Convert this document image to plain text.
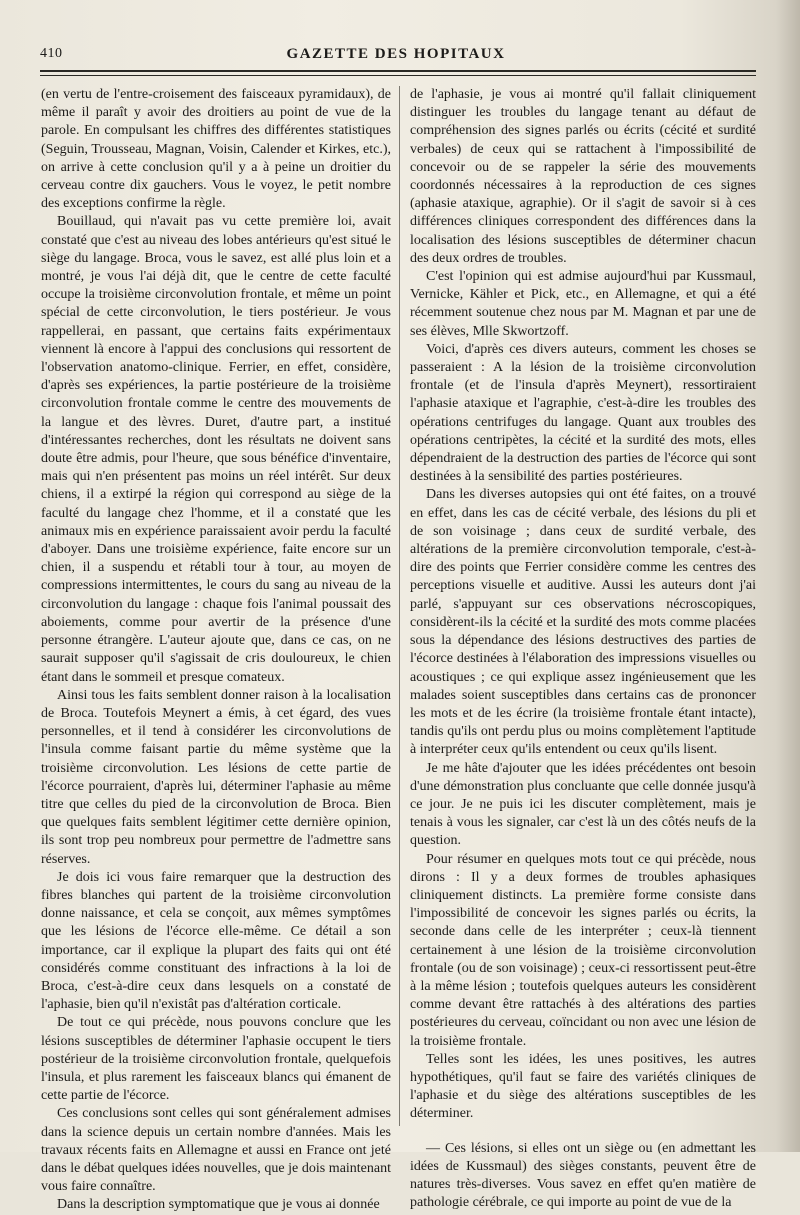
410	GAZETTE DES HOPITAUX

(en vertu de l'entre-croisement des faisceaux pyramidaux), de même il paraît y avoir des droitiers au point de vue de la parole. En compulsant les chiffres des différentes statistiques (Seguin, Trousseau, Magnan, Voisin, Calender et Kirkes, etc.), on arrive à cette conclusion qu'il y a à peine un droitier du cerveau contre dix gauchers. Vous le voyez, le petit nombre des exceptions confirme la règle.

Bouillaud, qui n'avait pas vu cette première loi, avait constaté que c'est au niveau des lobes antérieurs qu'est situé le siège du langage. Broca, vous le savez, est allé plus loin et a montré, je vous l'ai déjà dit, que le centre de cette faculté occupe la troisième circonvolution frontale, et même un point spécial de cette circonvolution, le tiers postérieur. Je vous rappellerai, en passant, que certains faits expérimentaux viennent là encore à l'appui des conclusions qui ressortent de l'observation anatomo-clinique. Ferrier, en effet, considère, d'après ses expériences, la partie postérieure de la troisième circonvolution frontale comme le centre des mouvements de la langue et des lèvres. Duret, d'autre part, a institué d'intéressantes recherches, dont les résultats ne doivent sans doute être admis, pour l'heure, que sous bénéfice d'inventaire, mais qui n'en présentent pas moins un réel intérêt. Sur deux chiens, il a extirpé la région qui correspond au siège de la faculté du langage chez l'homme, et il a constaté que les animaux mis en expérience paraissaient avoir perdu la faculté d'aboyer. Dans une troisième expérience, faite encore sur un chien, il a suspendu et rétabli tour à tour, au moyen de compressions intermittentes, le cours du sang au niveau de la circonvolution du langage : chaque fois l'animal poussait des aboiements, comme pour avertir de la présence d'une personne étrangère. L'auteur ajoute que, dans ce cas, on ne saurait supposer qu'il s'agissait de cris douloureux, le chien étant dans le sommeil et presque comateux.

Ainsi tous les faits semblent donner raison à la localisation de Broca. Toutefois Meynert a émis, à cet égard, des vues personnelles, et il tend à considérer les circonvolutions de l'insula comme faisant partie du même système que la troisième circonvolution. Les lésions de cette partie de l'écorce pourraient, d'après lui, déterminer l'aphasie au même titre que celles du pied de la circonvolution de Broca. Bien que quelques faits semblent légitimer cette dernière opinion, ils sont trop peu nombreux pour permettre de l'admettre sans réserves.

Je dois ici vous faire remarquer que la destruction des fibres blanches qui partent de la troisième circonvolution donne naissance, et cela se conçoit, aux mêmes symptômes que les lésions de l'écorce elle-même. Ce détail a son importance, car il explique la plupart des faits qui ont été considérés comme constituant des infractions à la loi de Broca, c'est-à-dire ceux dans lesquels on a constaté de l'aphasie, bien qu'il n'existât pas d'altération corticale.

De tout ce qui précède, nous pouvons conclure que les lésions susceptibles de déterminer l'aphasie occupent le tiers postérieur de la troisième circonvolution frontale, quelquefois l'insula, et plus rarement les faisceaux blancs qui émanent de cette partie de l'écorce.

Ces conclusions sont celles qui sont généralement admises dans la science depuis un certain nombre d'années. Mais les travaux récents faits en Allemagne et aussi en France ont jeté dans le débat quelques idées nouvelles, que je dois maintenant vous faire connaître.

Dans la description symptomatique que je vous ai donnée

de l'aphasie, je vous ai montré qu'il fallait cliniquement distinguer les troubles du langage tenant au défaut de compréhension des signes parlés ou écrits (cécité et surdité verbales) de ceux qui se rattachent à l'impossibilité de concevoir ou de se rappeler la série des mouvements coordonnés nécessaires à la reproduction de ces signes (aphasie ataxique, agraphie). Or il s'agit de savoir si à ces différences cliniques correspondent des différences dans la localisation des lésions susceptibles de déterminer chacun des deux ordres de troubles.

C'est l'opinion qui est admise aujourd'hui par Kussmaul, Vernicke, Kähler et Pick, etc., en Allemagne, et qui a été récemment soutenue chez nous par M. Magnan et par une de ses élèves, Mlle Skwortzoff.

Voici, d'après ces divers auteurs, comment les choses se passeraient : A la lésion de la troisième circonvolution frontale (et de l'insula d'après Meynert), ressortiraient l'aphasie ataxique et l'agraphie, c'est-à-dire les troubles des opérations centrifuges du langage. Quant aux troubles des opérations centripètes, la cécité et la surdité des mots, elles dépendraient de la destruction des parties de l'écorce qui sont destinées à la sensibilité des parties postérieures.

Dans les diverses autopsies qui ont été faites, on a trouvé en effet, dans les cas de cécité verbale, des lésions du pli et de son voisinage ; dans ceux de surdité verbale, des altérations de la première circonvolution temporale, c'est-à-dire des points que Ferrier considère comme les centres des perceptions visuelle et auditive. Aussi les auteurs dont j'ai parlé, s'appuyant sur ces observations nécroscopiques, considèrent-ils la cécité et la surdité des mots comme placées sous la dépendance des lésions destructives des parties de l'écorce destinées à l'élaboration des impressions visuelles ou acoustiques ; ce qui explique assez ingénieusement que les malades soient susceptibles dans certains cas de prononcer les mots et de les écrire (la troisième frontale étant intacte), tandis qu'ils ont perdu plus ou moins complètement l'aptitude à interpréter ceux qu'ils entendent ou ceux qu'ils lisent.

Je me hâte d'ajouter que les idées précédentes ont besoin d'une démonstration plus concluante que celle donnée jusqu'à ce jour. Je ne puis ici les discuter complètement, mais je tenais à vous les signaler, car c'est là un des côtés neufs de la question.

Pour résumer en quelques mots tout ce qui précède, nous dirons : Il y a deux formes de troubles aphasiques cliniquement distincts. La première forme consiste dans l'impossibilité de concevoir les signes parlés ou écrits, la seconde dans celle de les interpréter ; ceux-là tiennent certainement à une lésion de la troisième circonvolution frontale (ou de son voisinage) ; ceux-ci ressortissent peut-être à la même lésion ; toutefois quelques auteurs les considèrent comme devant être rattachés à des altérations des parties postérieures du cerveau, coïncidant ou non avec une lésion de la troisième frontale.

Telles sont les idées, les unes positives, les autres hypothétiques, qu'il faut se faire des variétés cliniques de l'aphasie et du siège des altérations susceptibles de les déterminer.

— Ces lésions, si elles ont un siège ou (en admettant les idées de Kussmaul) des sièges constants, peuvent être de natures très-diverses. Vous savez en effet qu'en matière de pathologie cérébrale, ce qui importe au point de vue de la
